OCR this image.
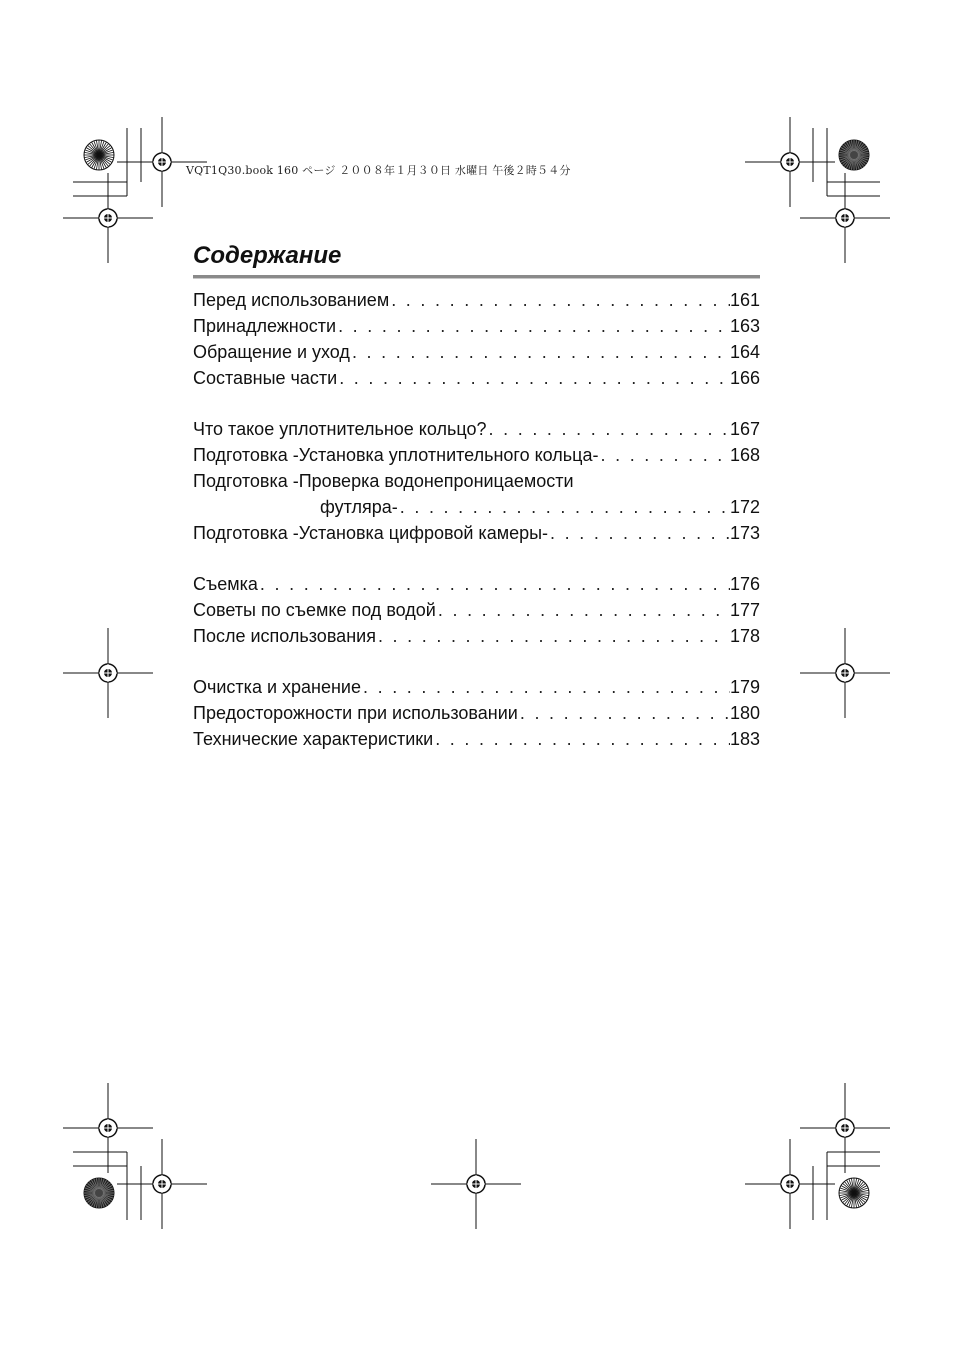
VQT1Q30.book 160 ページ ２００８年１月３０日 水曜日 午後２時５４分
Содержание
Перед использованием . . .	161
Принадлежности . . .	163
Обращение и уход . . .	164
Составные части . . .	166
Что такое уплотнительное кольцо? . . .	167
Подготовка -Установка уплотнительного кольца- . . .	168
Подготовка -Проверка водонепроницаемости
футляра- . . .	172
Подготовка -Установка цифровой камеры- . . .	173
Съемка . . .	176
Советы по съемке под водой . . .	177
После использования . . .	178
Очистка и хранение . . .	179
Предосторожности при использовании . . .	180
Технические характеристики . . .	183
